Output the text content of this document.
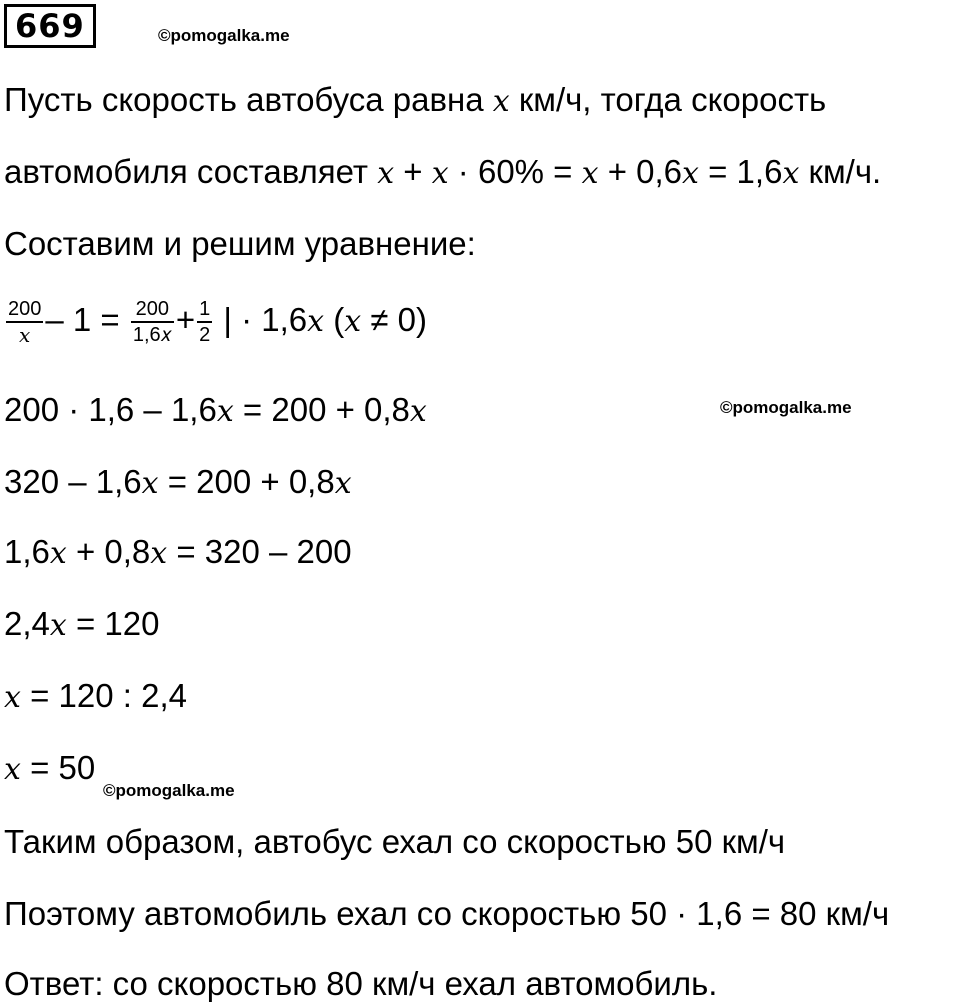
669	©pomogalka.me
Пусть скорость автобуса равна 𝑥 км/ч, тогда скорость
автомобиля составляет 𝑥 + 𝑥 · 60% = 𝑥 + 0,6𝑥 = 1,6𝑥 км/ч.
Составим и решим уравнение:
$\frac{200}{\text{𝑥}} - 1 = \frac{200}{\text{1,6𝑥}} + \frac{1}{2}$ | · 1,6𝑥 (𝑥 ≠ 0)
200 · 1,6 – 1,6𝑥 = 200 + 0,8𝑥	©pomogalka.me
320 – 1,6𝑥 = 200 + 0,8𝑥
1,6𝑥 + 0,8𝑥 = 320 – 200
2,4𝑥 = 120
𝑥 = 120 : 2,4
𝑥 = 50
©pomogalka.me
Таким образом, автобус ехал со скоростью 50 км/ч
Поэтому автомобиль ехал со скоростью 50 · 1,6 = 80 км/ч
Ответ: со скоростью 80 км/ч ехал автомобиль.
